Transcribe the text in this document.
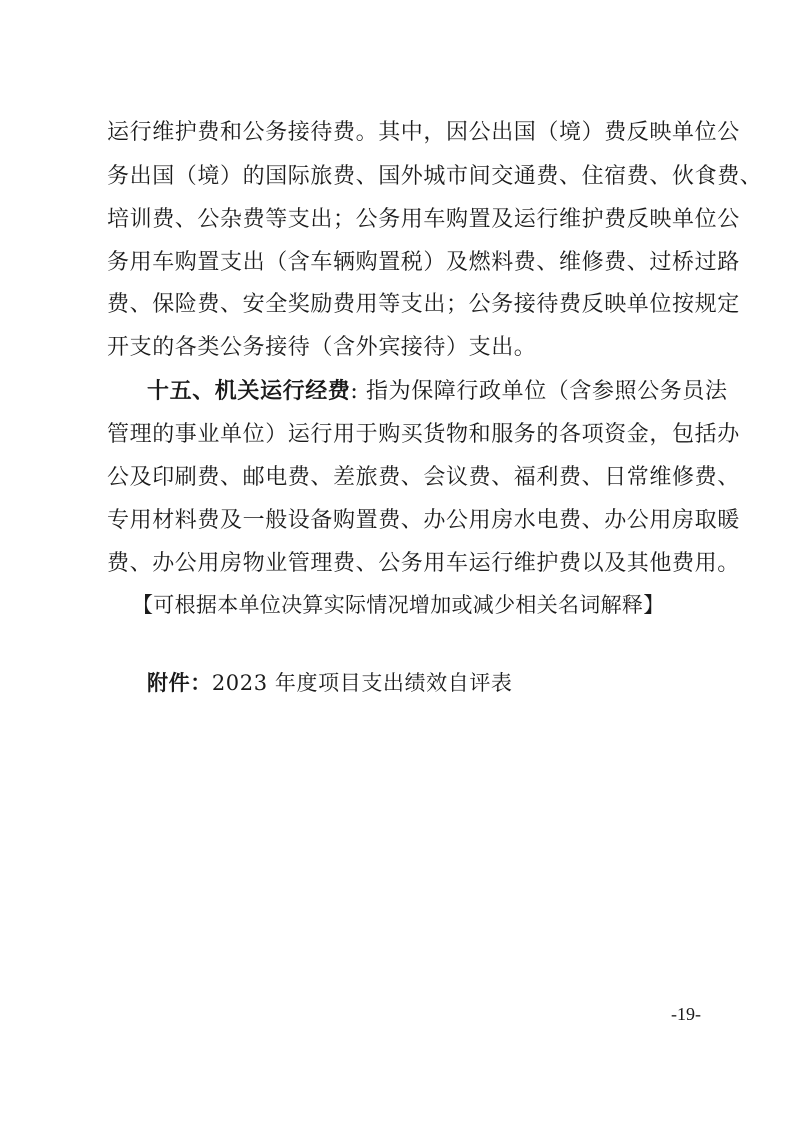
运行维护费和公务接待费。其中，因公出国（境）费反映单位公
务出国（境）的国际旅费、国外城市间交通费、住宿费、伙食费、
培训费、公杂费等支出；公务用车购置及运行维护费反映单位公
务用车购置支出（含车辆购置税）及燃料费、维修费、过桥过路
费、保险费、安全奖励费用等支出；公务接待费反映单位按规定
开支的各类公务接待（含外宾接待）支出。
十五、机关运行经费: 指为保障行政单位（含参照公务员法
管理的事业单位）运行用于购买货物和服务的各项资金，包括办
公及印刷费、邮电费、差旅费、会议费、福利费、日常维修费、
专用材料费及一般设备购置费、办公用房水电费、办公用房取暖
费、办公用房物业管理费、公务用车运行维护费以及其他费用。
【可根据本单位决算实际情况增加或减少相关名词解释】
附件：2023 年度项目支出绩效自评表
-19-
